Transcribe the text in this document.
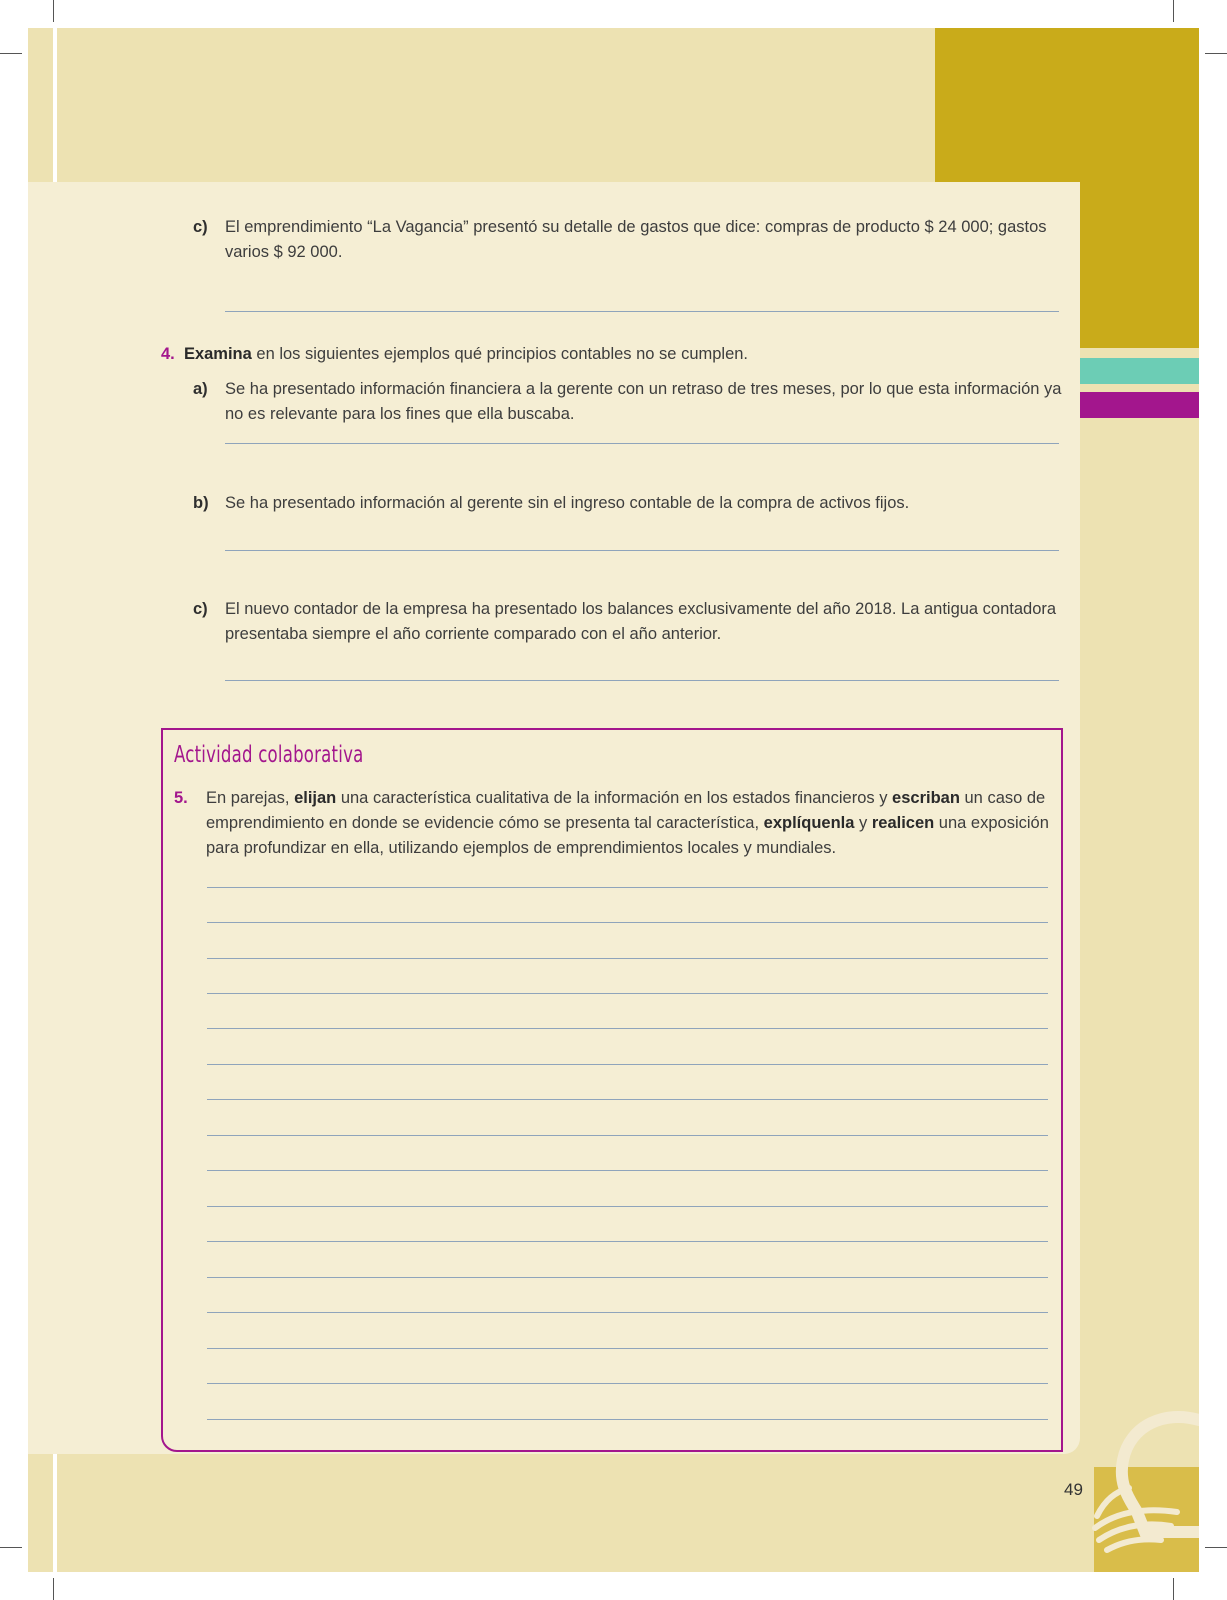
c) El emprendimiento “La Vagancia” presentó su detalle de gastos que dice: compras de producto $ 24 000; gastos varios $ 92 000.
4. Examina en los siguientes ejemplos qué principios contables no se cumplen.
a) Se ha presentado información financiera a la gerente con un retraso de tres meses, por lo que esta información ya no es relevante para los fines que ella buscaba.
b) Se ha presentado información al gerente sin el ingreso contable de la compra de activos fijos.
c) El nuevo contador de la empresa ha presentado los balances exclusivamente del año 2018. La antigua contadora presentaba siempre el año corriente comparado con el año anterior.
Actividad colaborativa
5. En parejas, elijan una característica cualitativa de la información en los estados financieros y escriban un caso de emprendimiento en donde se evidencie cómo se presenta tal característica, explíquenla y realicen una exposición para profundizar en ella, utilizando ejemplos de emprendimientos locales y mundiales.
49
